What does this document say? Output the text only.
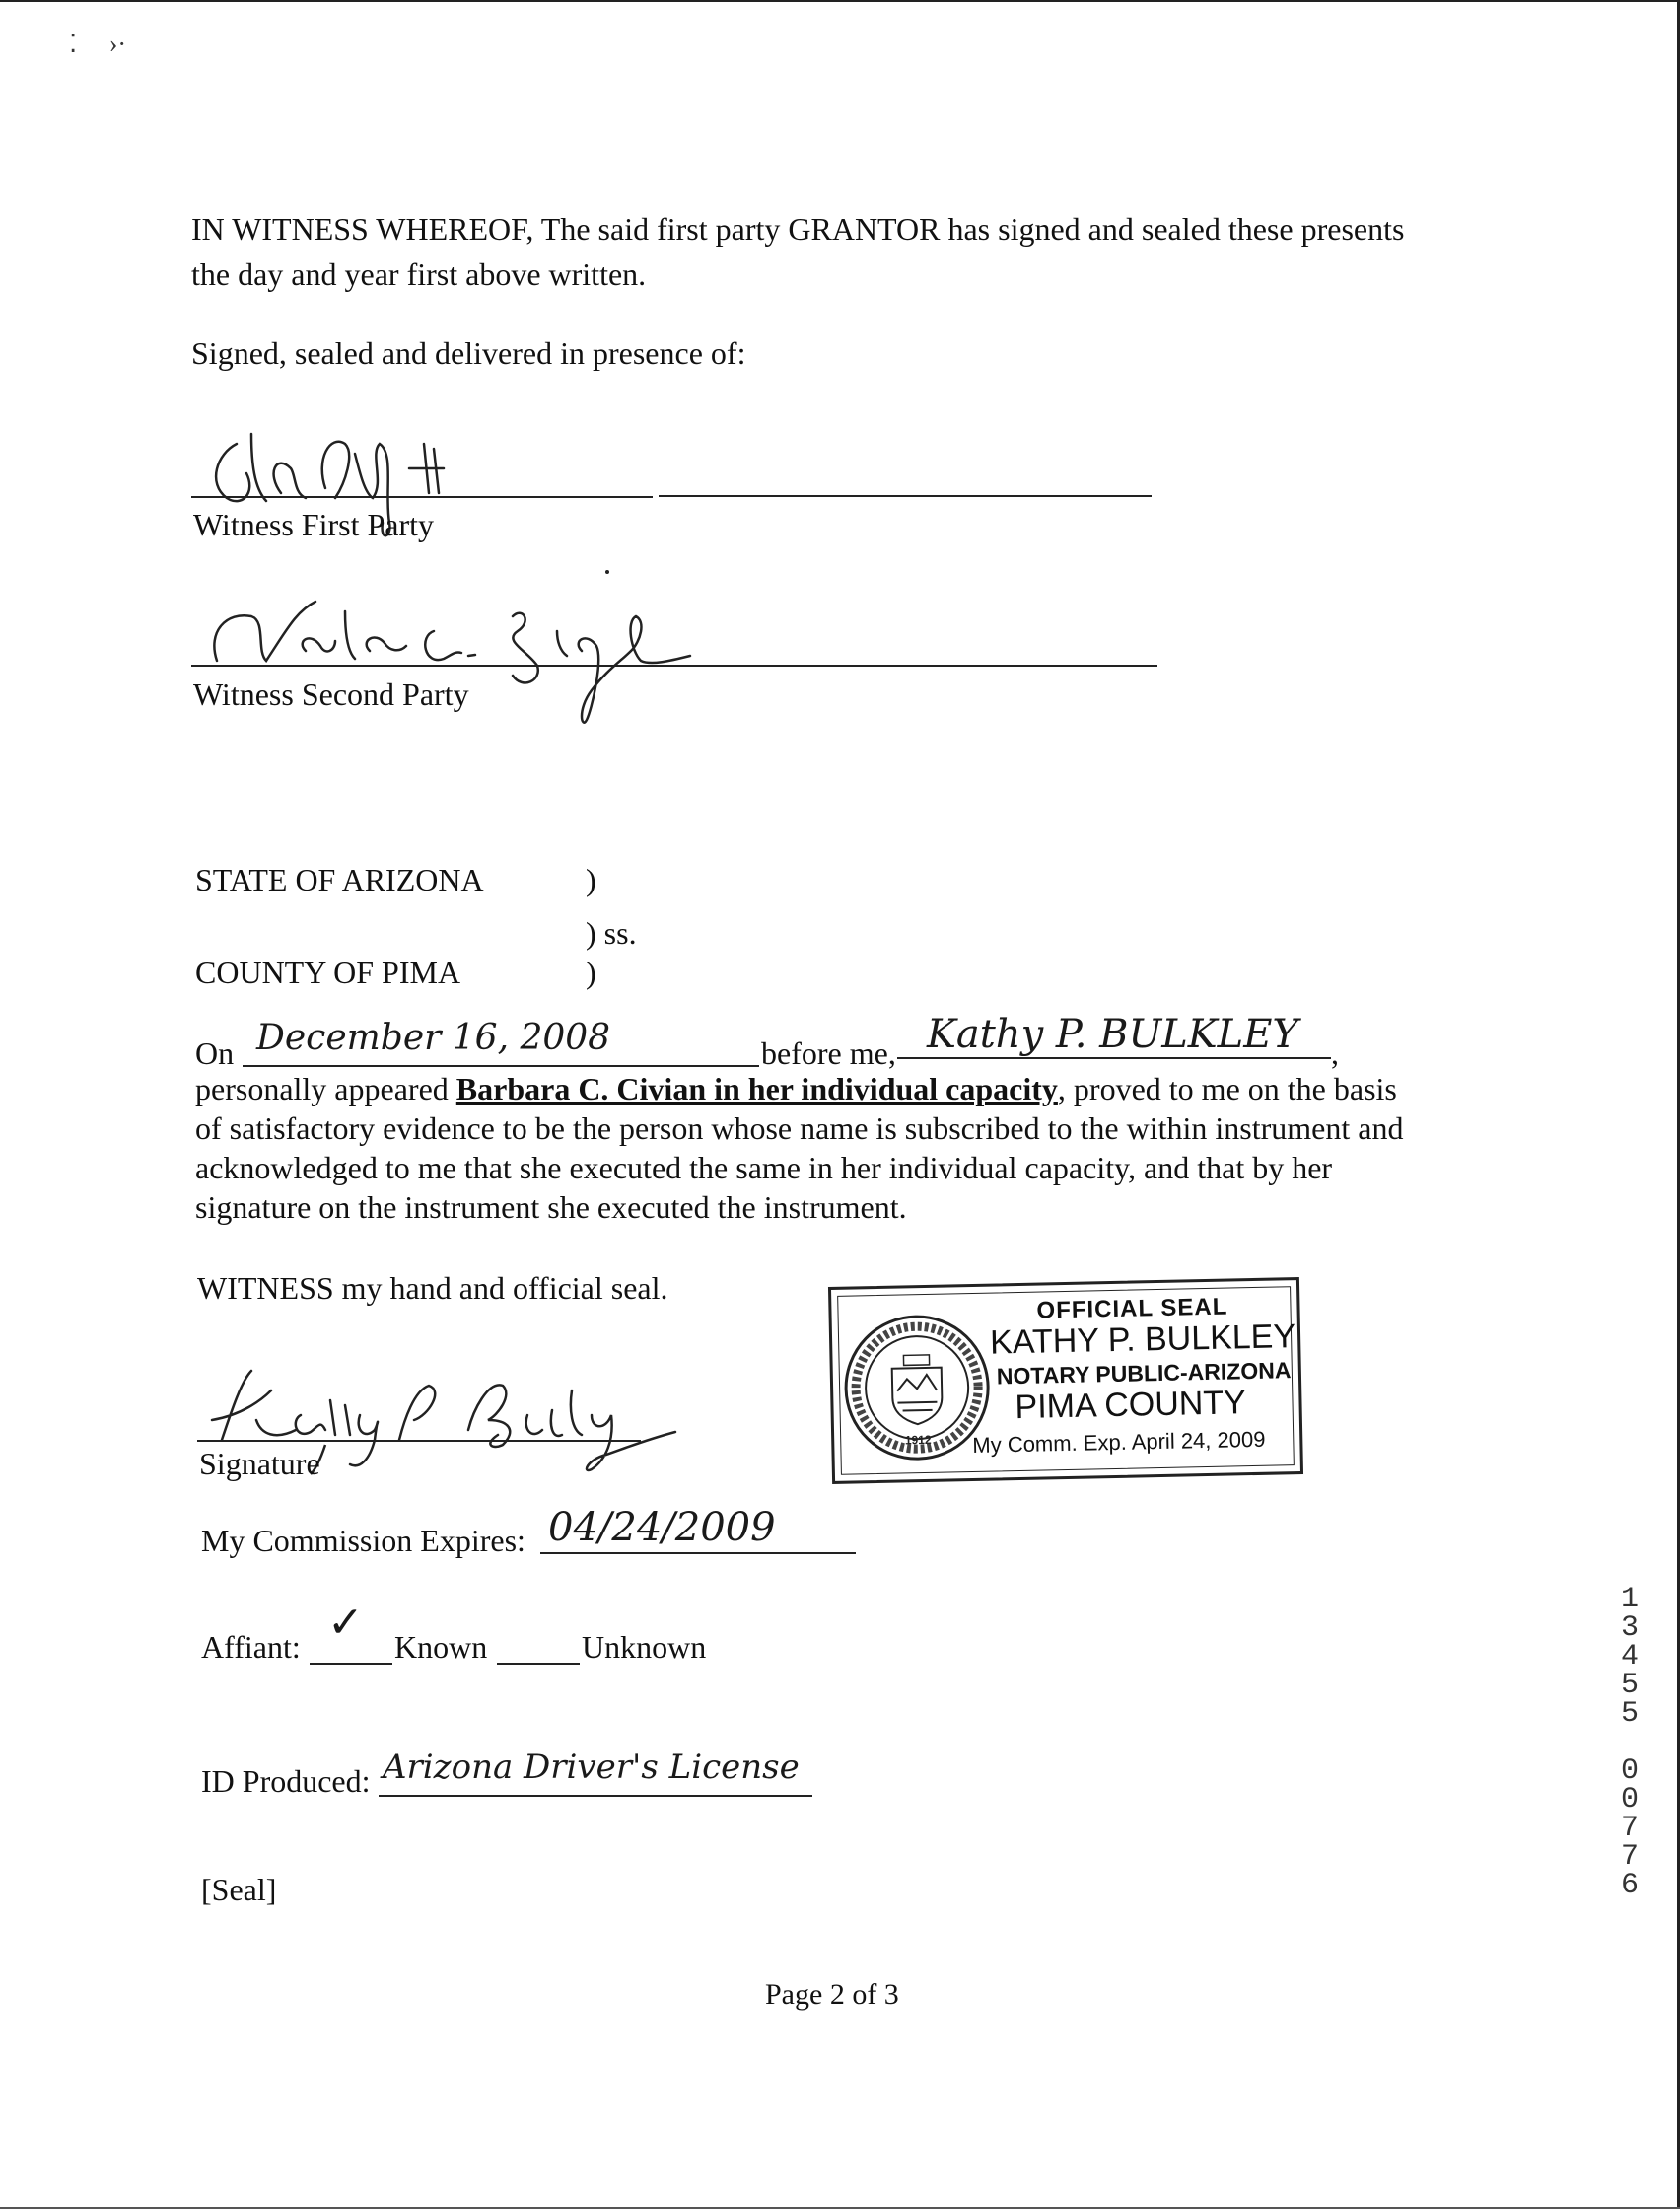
⁚     ›·
IN WITNESS WHEREOF, The said first party GRANTOR has signed and sealed these presents
the day and year first above written.
Signed, sealed and delivered in presence of:
Witness First Party
Witness Second Party
STATE OF ARIZONA	)
) ss.
COUNTY OF PIMA	)
On December 16, 2008	before me, Kathy P. BULKLEY ,
personally appeared Barbara C. Civian in her individual capacity, proved to me on the basis
of satisfactory evidence to be the person whose name is subscribed to the within instrument and
acknowledged to me that she executed the same in her individual capacity, and that by her
signature on the instrument she executed the instrument.
WITNESS my hand and official seal.
Signature
1912
OFFICIAL SEAL
KATHY P. BULKLEY
NOTARY PUBLIC-ARIZONA
PIMA COUNTY
My Comm. Exp. April 24, 2009
My Commission Expires: 04/24/2009
Affiant: ✓ Known	Unknown
ID Produced: Arizona Driver's License
[Seal]
Page 2 of 3
1
3
4
5
5

0
0
7
7
6
